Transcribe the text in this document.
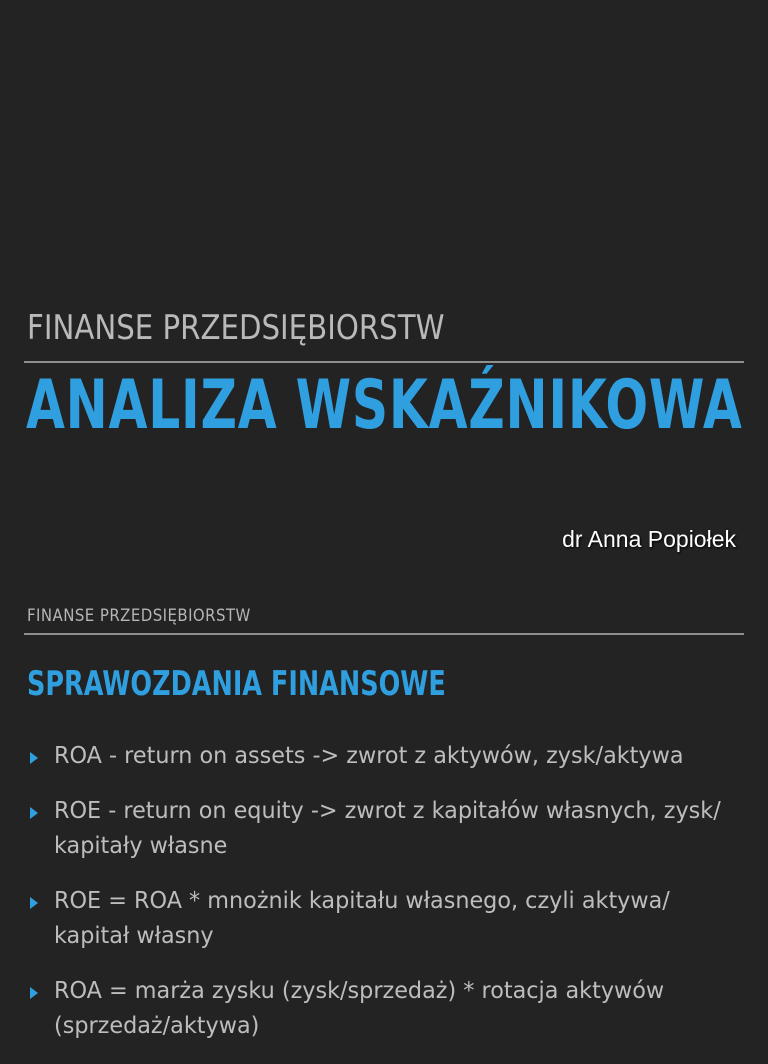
FINANSE PRZEDSIĘBIORSTW
ANALIZA WSKAŹNIKOWA
dr Anna Popiołek
FINANSE PRZEDSIĘBIORSTW
SPRAWOZDANIA FINANSOWE
ROA - return on assets -> zwrot z aktywów, zysk/aktywa
ROE - return on equity -> zwrot z kapitałów własnych, zysk/ kapitały własne
ROE = ROA * mnożnik kapitału własnego, czyli aktywa/ kapitał własny
ROA = marża zysku (zysk/sprzedaż) * rotacja aktywów (sprzedaż/aktywa)
